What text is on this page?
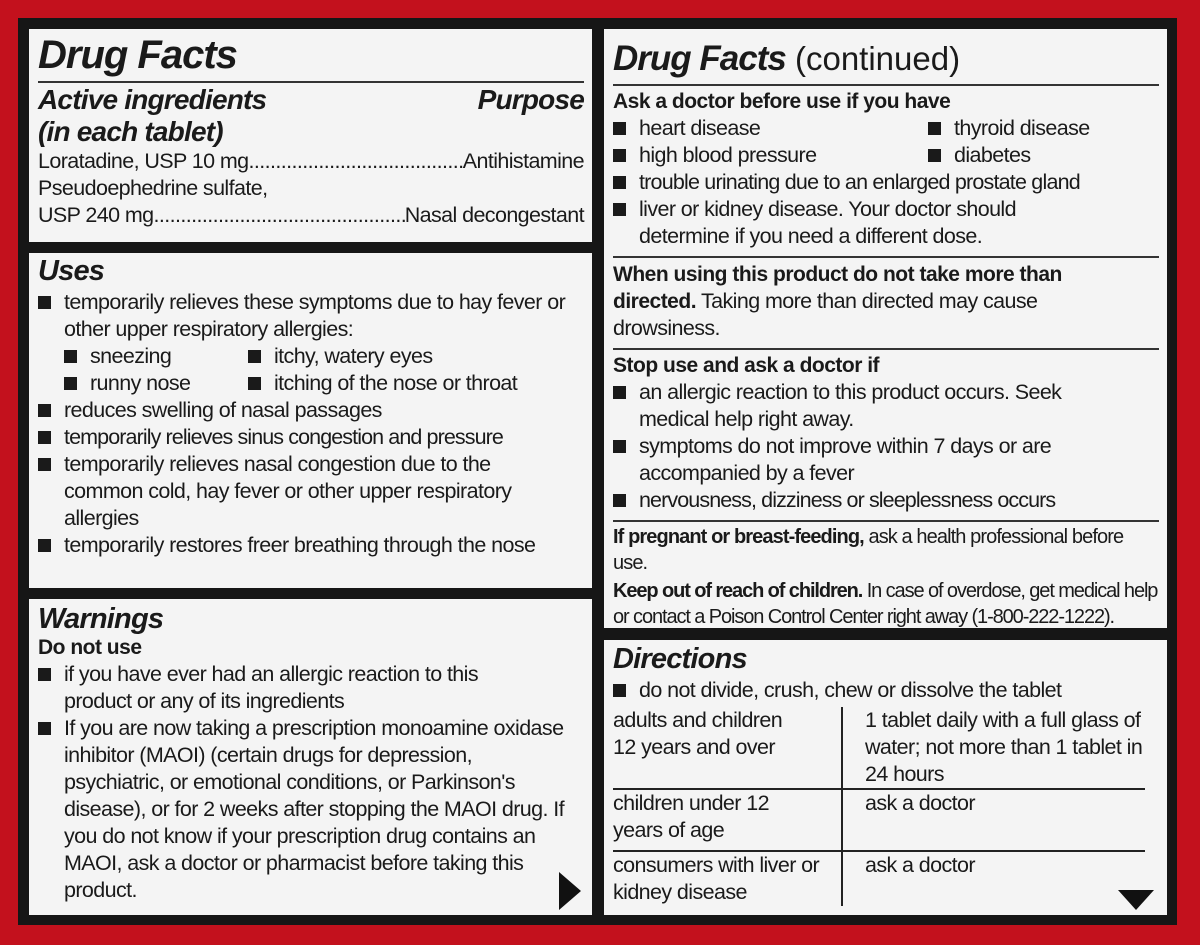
Drug Facts
Active ingredients	Purpose
(in each tablet)
Loratadine, USP 10 mg .....	Antihistamine
Pseudoephedrine sulfate,
USP 240 mg .....	Nasal decongestant
Uses
temporarily relieves these symptoms due to hay fever or other upper respiratory allergies:
sneezing	itchy, watery eyes
runny nose	itching of the nose or throat
reduces swelling of nasal passages
temporarily relieves sinus congestion and pressure
temporarily relieves nasal congestion due to the common cold, hay fever or other upper respiratory allergies
temporarily restores freer breathing through the nose
Warnings
Do not use
if you have ever had an allergic reaction to this product or any of its ingredients
If you are now taking a prescription monoamine oxidase inhibitor (MAOI) (certain drugs for depression, psychiatric, or emotional conditions, or Parkinson's disease), or for 2 weeks after stopping the MAOI drug. If you do not know if your prescription drug contains an MAOI, ask a doctor or pharmacist before taking this product.
Drug Facts (continued)
Ask a doctor before use if you have
heart disease	thyroid disease
high blood pressure	diabetes
trouble urinating due to an enlarged prostate gland
liver or kidney disease. Your doctor should determine if you need a different dose.
When using this product do not take more than directed. Taking more than directed may cause drowsiness.
Stop use and ask a doctor if
an allergic reaction to this product occurs. Seek medical help right away.
symptoms do not improve within 7 days or are accompanied by a fever
nervousness, dizziness or sleeplessness occurs
If pregnant or breast-feeding, ask a health professional before use.
Keep out of reach of children. In case of overdose, get medical help or contact a Poison Control Center right away (1-800-222-1222).
Directions
do not divide, crush, chew or dissolve the tablet
adults and children 12 years and over	1 tablet daily with a full glass of water; not more than 1 tablet in 24 hours
children under 12 years of age	ask a doctor
consumers with liver or kidney disease	ask a doctor
